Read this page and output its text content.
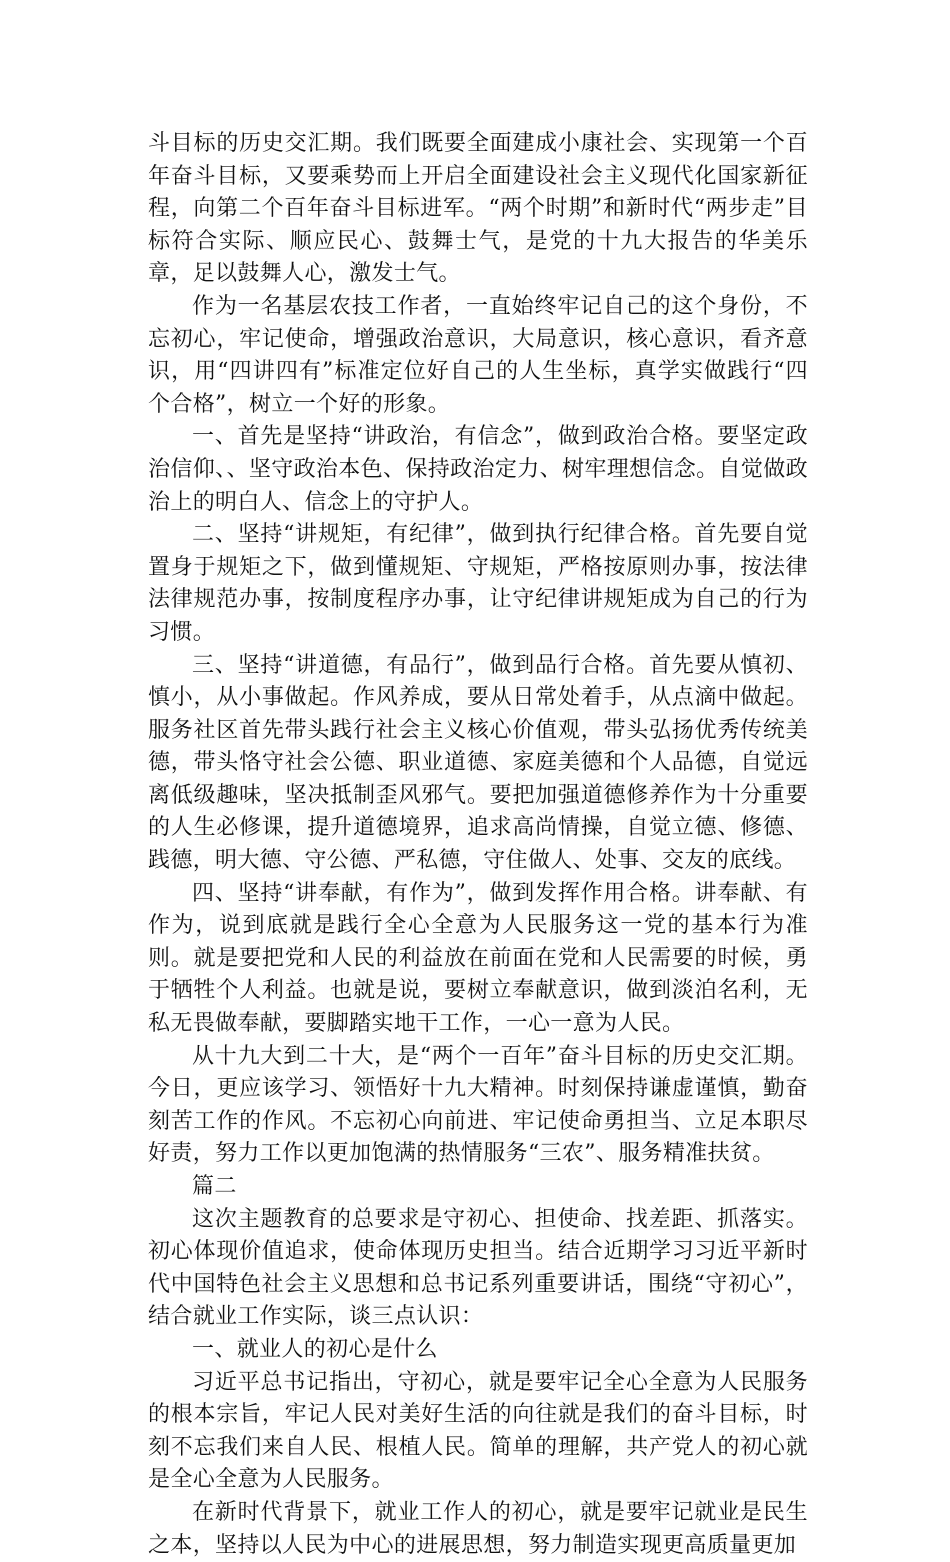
斗目标的历史交汇期。我们既要全面建成小康社会、实现第一个百年奋斗目标，又要乘势而上开启全面建设社会主义现代化国家新征程，向第二个百年奋斗目标进军。“两个时期”和新时代“两步走”目标符合实际、顺应民心、鼓舞士气，是党的十九大报告的华美乐章，足以鼓舞人心，激发士气。

作为一名基层农技工作者，一直始终牢记自己的这个身份，不忘初心，牢记使命，增强政治意识，大局意识，核心意识，看齐意识，用“四讲四有”标准定位好自己的人生坐标，真学实做践行“四个合格”，树立一个好的形象。

一、首先是坚持“讲政治，有信念”，做到政治合格。要坚定政治信仰、、坚守政治本色、保持政治定力、树牢理想信念。自觉做政治上的明白人、信念上的守护人。

二、坚持“讲规矩，有纪律”，做到执行纪律合格。首先要自觉置身于规矩之下，做到懂规矩、守规矩，严格按原则办事，按法律法律规范办事，按制度程序办事，让守纪律讲规矩成为自己的行为习惯。

三、坚持“讲道德，有品行”，做到品行合格。首先要从慎初、慎小，从小事做起。作风养成，要从日常处着手，从点滴中做起。服务社区首先带头践行社会主义核心价值观，带头弘扬优秀传统美德，带头恪守社会公德、职业道德、家庭美德和个人品德，自觉远离低级趣味，坚决抵制歪风邪气。要把加强道德修养作为十分重要的人生必修课，提升道德境界，追求高尚情操，自觉立德、修德、践德，明大德、守公德、严私德，守住做人、处事、交友的底线。

四、坚持“讲奉献，有作为”，做到发挥作用合格。讲奉献、有作为，说到底就是践行全心全意为人民服务这一党的基本行为准则。就是要把党和人民的利益放在前面在党和人民需要的时候，勇于牺牲个人利益。也就是说，要树立奉献意识，做到淡泊名利，无私无畏做奉献，要脚踏实地干工作，一心一意为人民。

从十九大到二十大，是“两个一百年”奋斗目标的历史交汇期。今日，更应该学习、领悟好十九大精神。时刻保持谦虚谨慎，勤奋刻苦工作的作风。不忘初心向前进、牢记使命勇担当、立足本职尽好责，努力工作以更加饱满的热情服务“三农”、服务精准扶贫。

篇二

这次主题教育的总要求是守初心、担使命、找差距、抓落实。初心体现价值追求，使命体现历史担当。结合近期学习习近平新时代中国特色社会主义思想和总书记系列重要讲话，围绕“守初心”，结合就业工作实际，谈三点认识：

一、就业人的初心是什么

习近平总书记指出，守初心，就是要牢记全心全意为人民服务的根本宗旨，牢记人民对美好生活的向往就是我们的奋斗目标，时刻不忘我们来自人民、根植人民。简单的理解，共产党人的初心就是全心全意为人民服务。

在新时代背景下，就业工作人的初心，就是要牢记就业是民生之本，坚持以人民为中心的进展思想，努力制造实现更高质量更加
